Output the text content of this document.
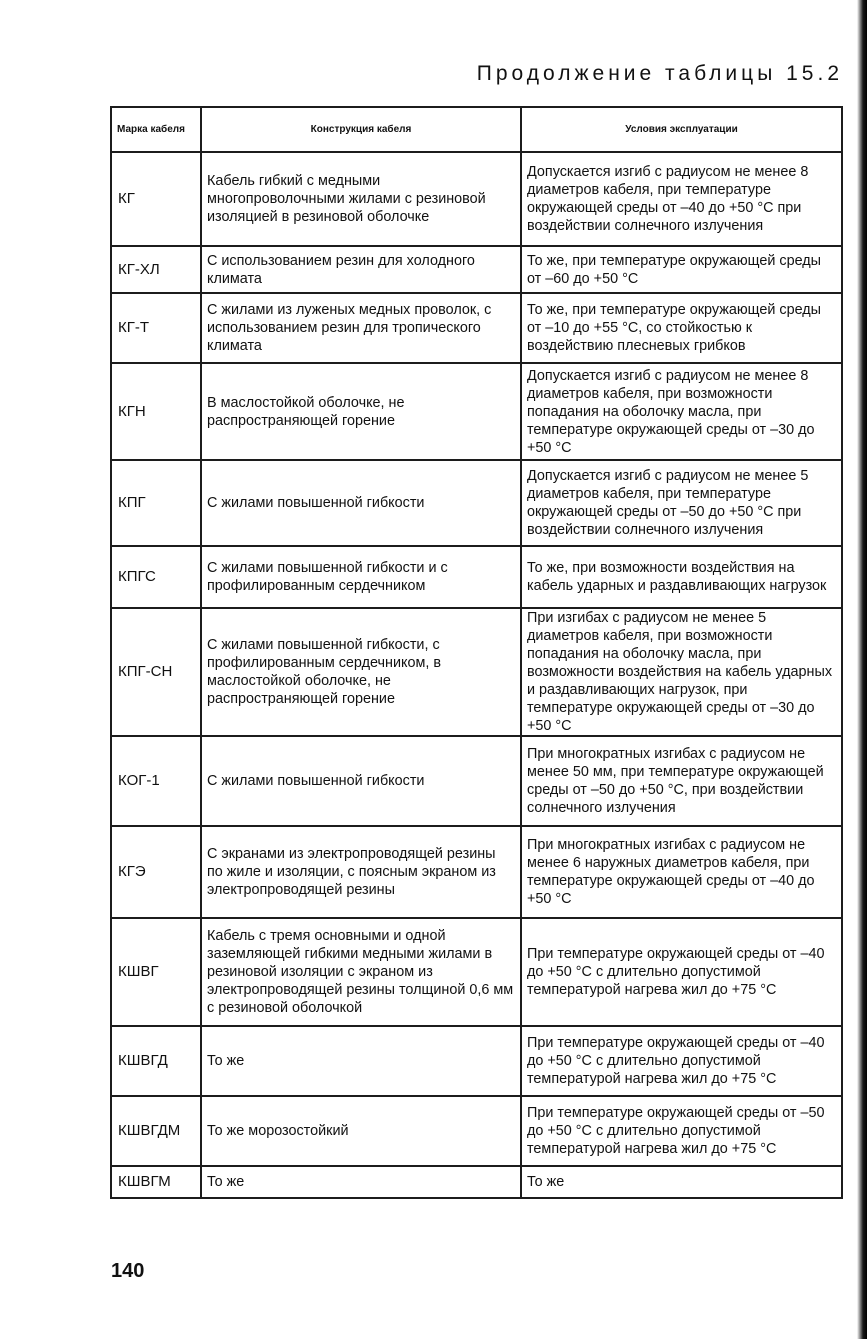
Продолжение таблицы 15.2
Марка кабеля	Конструкция кабеля	Условия эксплуатации
КГ	Кабель гибкий с медными многопроволочными жилами с резиновой изоляцией в резиновой оболочке	Допускается изгиб с радиусом не менее 8 диаметров кабеля, при температуре окружающей среды от –40 до +50 °С при воздействии солнечного излучения
КГ-ХЛ	С использованием резин для холодного климата	То же, при температуре окружающей среды от –60 до +50 °С
КГ-Т	С жилами из луженых медных проволок, с использованием резин для тропического климата	То же, при температуре окружающей среды от –10 до +55 °С, со стойкостью к воздействию плесневых грибков
КГН	В маслостойкой оболочке, не распространяющей горение	Допускается изгиб с радиусом не менее 8 диаметров кабеля, при возможности попадания на оболочку масла, при температуре окружающей среды от –30 до +50 °С
КПГ	С жилами повышенной гибкости	Допускается изгиб с радиусом не менее 5 диаметров кабеля, при температуре окружающей среды от –50 до +50 °С при воздействии солнечного излучения
КПГС	С жилами повышенной гибкости и с профилированным сердечником	То же, при возможности воздействия на кабель ударных и раздавливающих нагрузок
КПГ-СН	С жилами повышенной гибкости, с профилированным сердечником, в маслостойкой оболочке, не распространяющей горение	При изгибах с радиусом не менее 5 диаметров кабеля, при возможности попадания на оболочку масла, при возможности воздействия на кабель ударных и раздавливающих нагрузок, при температуре окружающей среды от –30 до +50 °С
КОГ-1	С жилами повышенной гибкости	При многократных изгибах с радиусом не менее 50 мм, при температуре окружающей среды от –50 до +50 °С, при воздействии солнечного излучения
КГЭ	С экранами из электропроводящей резины по жиле и изоляции, с поясным экраном из электропроводящей резины	При многократных изгибах с радиусом не менее 6 наружных диаметров кабеля, при температуре окружающей среды от –40 до +50 °С
КШВГ	Кабель с тремя основными и одной заземляющей гибкими медными жилами в резиновой изоляции с экраном из электропроводящей резины толщиной 0,6 мм с резиновой оболочкой	При температуре окружающей среды от –40 до +50 °С с длительно допустимой температурой нагрева жил до +75 °С
КШВГД	То же	При температуре окружающей среды от –40 до +50 °С с длительно допустимой температурой нагрева жил до +75 °С
КШВГДМ	То же морозостойкий	При температуре окружающей среды от –50 до +50 °С с длительно допустимой температурой нагрева жил до +75 °С
КШВГМ	То же	То же
140
